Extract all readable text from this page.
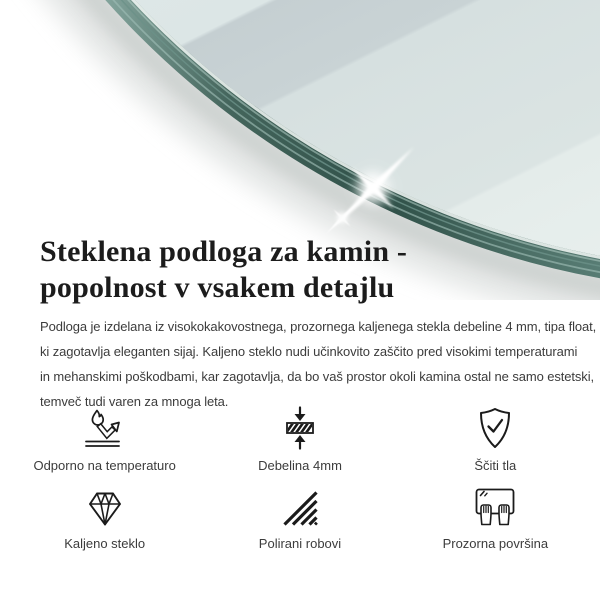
Steklena podloga za kamin -
popolnost v vsakem detajlu
Podloga je izdelana iz visokokakovostnega, prozornega kaljenega stekla debeline 4 mm, tipa float,
ki zagotavlja eleganten sijaj. Kaljeno steklo nudi učinkovito zaščito pred visokimi temperaturami
in mehanskimi poškodbami, kar zagotavlja, da bo vaš prostor okoli kamina ostal ne samo estetski,
temveč tudi varen za mnoga leta.
Odporno na temperaturo	Debelina 4mm	Ščiti tla
Kaljeno steklo	Polirani robovi	Prozorna površina
